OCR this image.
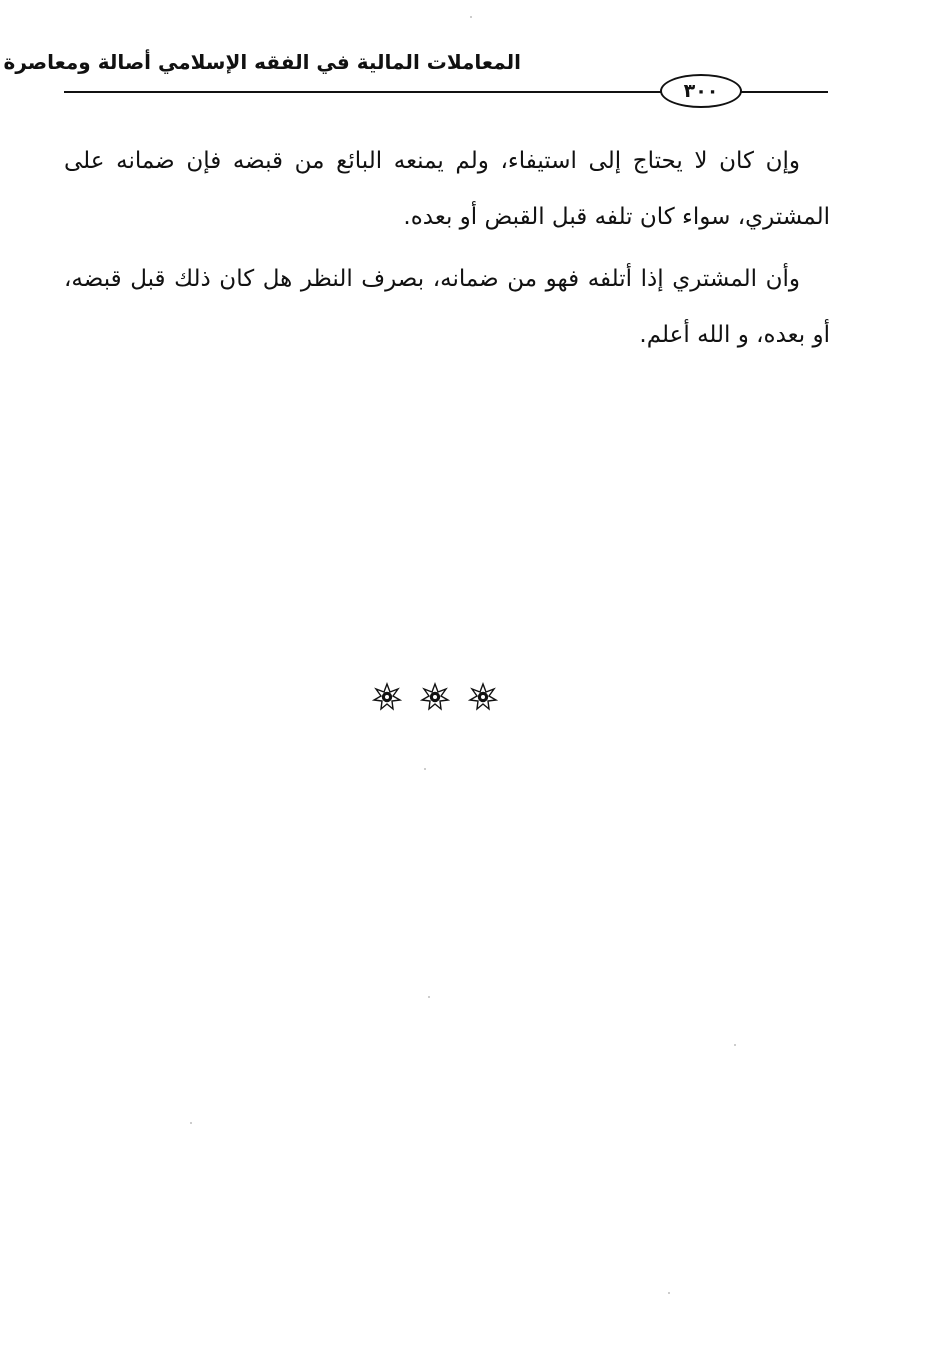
المعاملات المالية في الفقه الإسلامي أصالة ومعاصرة
٣٠٠

وإن كان لا يحتاج إلى استيفاء، ولم يمنعه البائع من قبضه فإن ضمانه على المشتري، سواء كان تلفه قبل القبض أو بعده.

وأن المشتري إذا أتلفه فهو من ضمانه، بصرف النظر هل كان ذلك قبل قبضه، أو بعده، و الله أعلم.
